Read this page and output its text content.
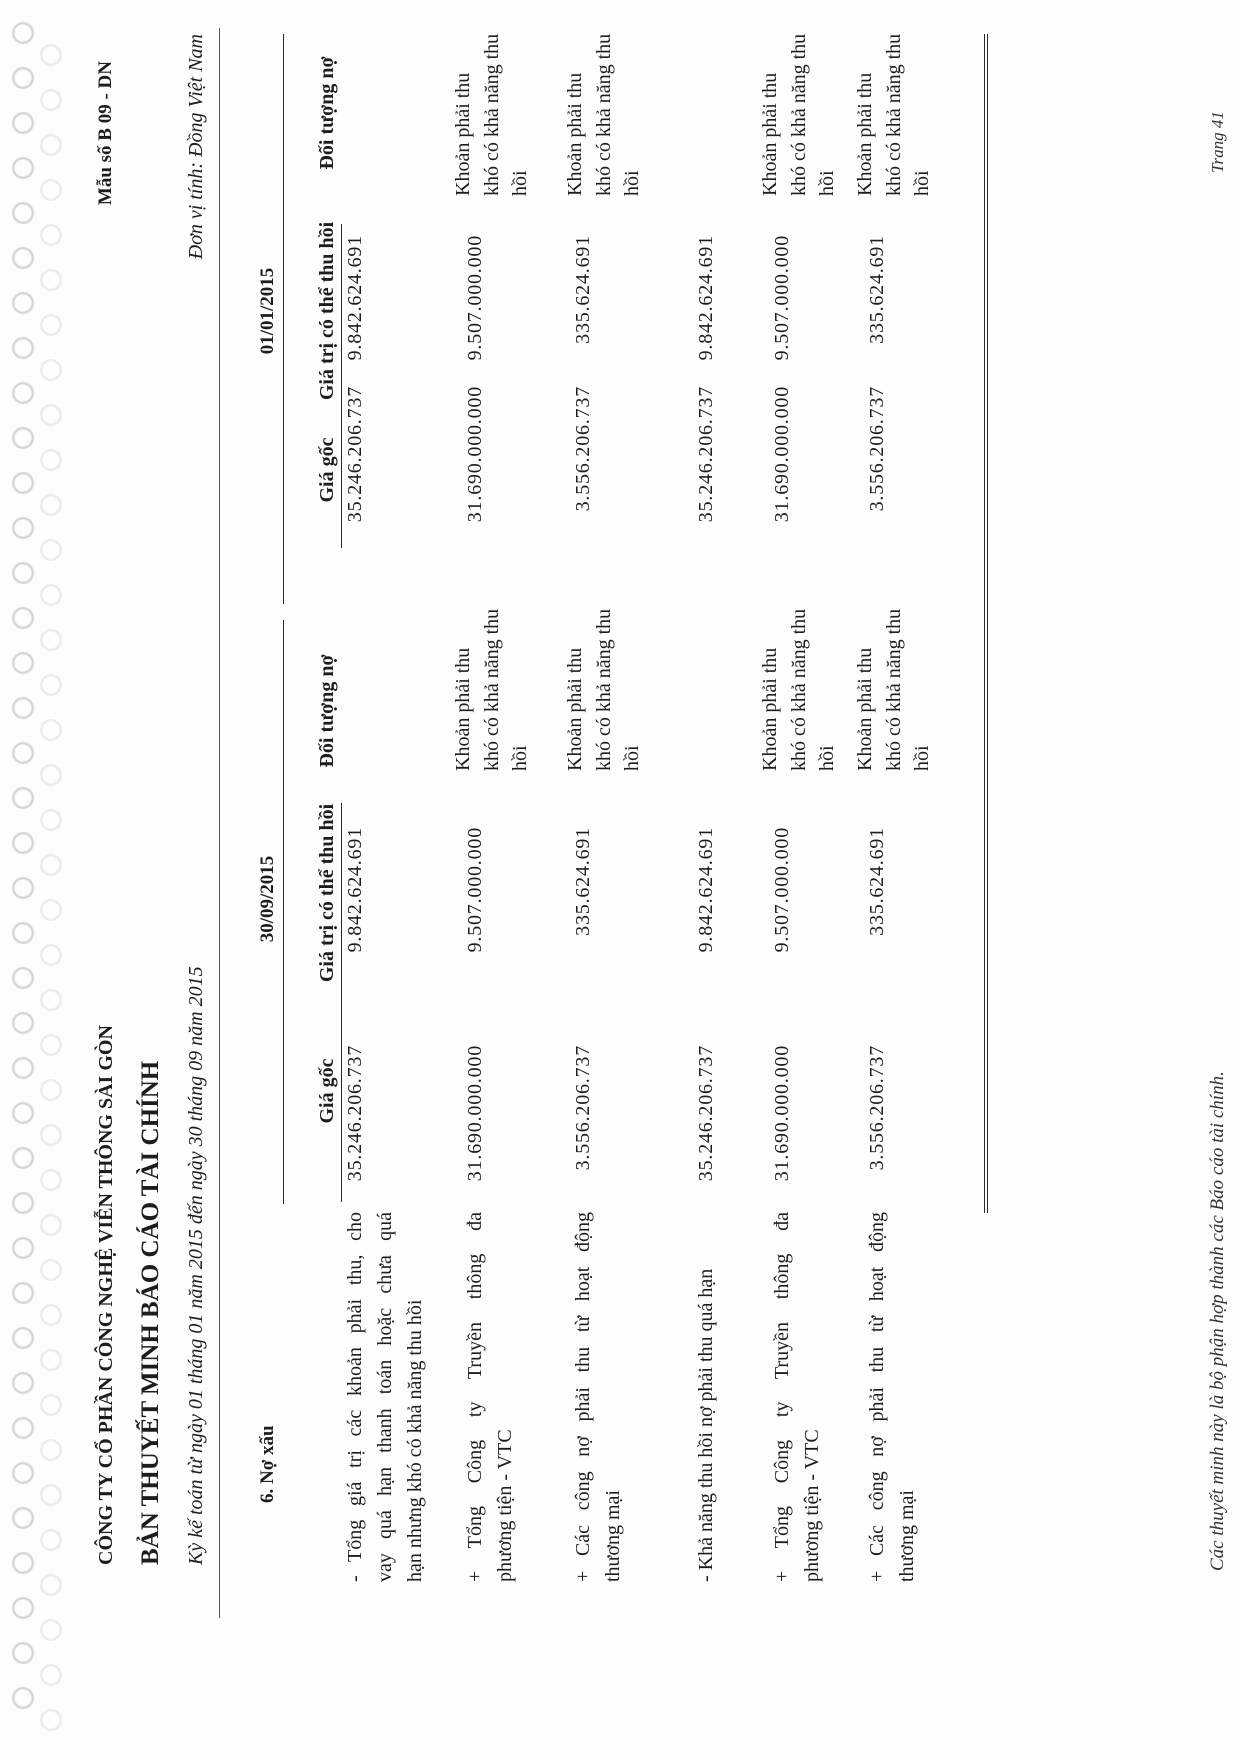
CÔNG TY CỔ PHẦN CÔNG NGHỆ VIỄN THÔNG SÀI GÒN
Mẫu số B 09 - DN
BẢN THUYẾT MINH BÁO CÁO TÀI CHÍNH Kỳ kế toán từ ngày 01 tháng 01 năm 2015 đến ngày 30 tháng 09 năm 2015
Đơn vị tính: Đồng Việt Nam
6. Nợ xấu
30/09/2015
01/01/2015
Giá gốc
Giá trị có thể thu hồi
Đối tượng nợ
Giá gốc
Giá trị có thể thu hồi
Đối tượng nợ
- Tổng giá trị các khoản phải thu, cho vay quá hạn thanh toán hoặc chưa quá hạn nhưng khó có khả năng thu hồi
35.246.206.737
9.842.624.691
35.246.206.737
9.842.624.691
+ Tổng Công ty Truyền thông đa phương tiện - VTC
31.690.000.000
9.507.000.000
Khoản phải thu khó có khả năng thu hồi
31.690.000.000
9.507.000.000
Khoản phải thu khó có khả năng thu hồi
+ Các công nợ phải thu từ hoạt động thương mại
3.556.206.737
335.624.691
Khoản phải thu khó có khả năng thu hồi
3.556.206.737
335.624.691
Khoản phải thu khó có khả năng thu hồi
- Khả năng thu hồi nợ phải thu quá hạn
35.246.206.737
9.842.624.691
35.246.206.737
9.842.624.691
+ Tổng Công ty Truyền thông đa phương tiện - VTC
31.690.000.000
9.507.000.000
Khoản phải thu khó có khả năng thu hồi
31.690.000.000
9.507.000.000
Khoản phải thu khó có khả năng thu hồi
+ Các công nợ phải thu từ hoạt động thương mại
3.556.206.737
335.624.691
Khoản phải thu khó có khả năng thu hồi
3.556.206.737
335.624.691
Khoản phải thu khó có khả năng thu hồi
Các thuyết minh này là bộ phận hợp thành các Báo cáo tài chính.
Trang 41
